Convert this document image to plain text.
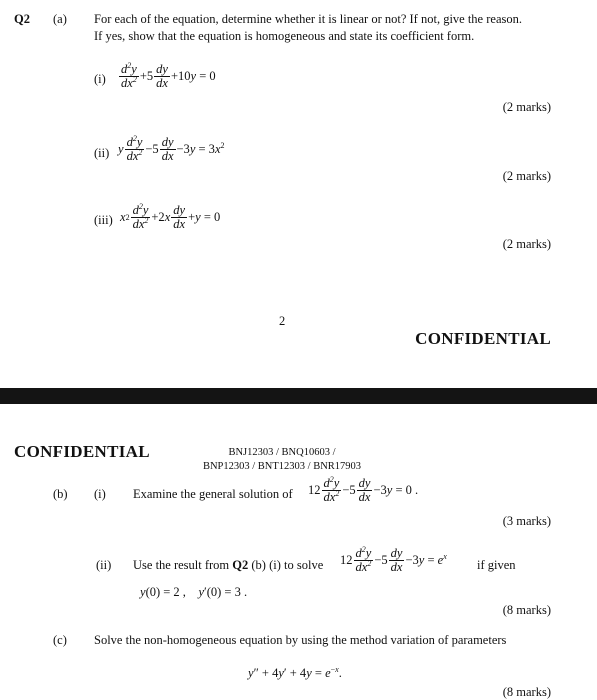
Q2 (a) For each of the equation, determine whether it is linear or not? If not, give the reason.
If yes, show that the equation is homogeneous and state its coefficient form.
$(i) \frac{d^2y}{dx^2} +5 \frac{dy}{dx} +10y = 0$
(2 marks)
(ii) y $\frac{d^2y}{dx^2} -5 \frac{dy}{dx} -3y = 3x^2$
(2 marks)
(iii) x $2 \frac{d^2y}{dx^2} +2x \frac{dy}{dx} +y = 0$
(2 marks)
2
CONFIDENTIAL
CONFIDENTIAL	BNJ12303 / BNQ10603 /
BNP12303 / BNT12303 / BNR17903
(b) (i) Examine the general solution of $12 \frac{d^2y}{dx^2} -5 \frac{dy}{dx} -3y = 0$ .
(3 marks)
(ii) Use the result from Q2 (b) (i) to solve $12 \frac{d^2y}{dx^2} -5 \frac{dy}{dx} -3y = e^x$
if given
y(0) = 2 ,    y′(0) = 3 .
(8 marks)
(c) Solve the non-homogeneous equation by using the method variation of parameters
$y'' + 4y' + 4y = e^{-x}$.
(8 marks)
